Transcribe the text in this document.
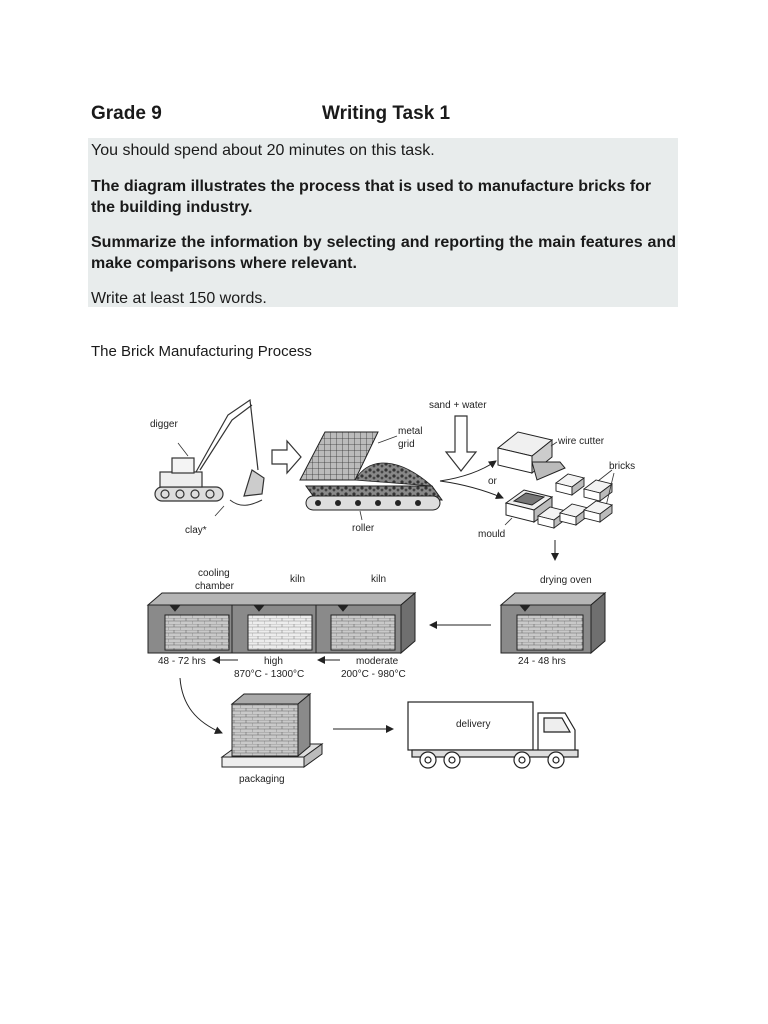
Grade 9	Writing Task 1

You should spend about 20 minutes on this task.

The diagram illustrates the process that is used to manufacture bricks for the building industry.

Summarize the information by selecting and reporting the main features and make comparisons where relevant.

Write at least 150 words.

The Brick Manufacturing Process
digger
clay*
metal
grid
roller
sand + water
or
wire cutter
bricks
mould
cooling
chamber
kiln	kiln	drying oven
48 - 72 hrs	high
870°C - 1300°C
moderate
200°C - 980°C
24 - 48 hrs
packaging
delivery
